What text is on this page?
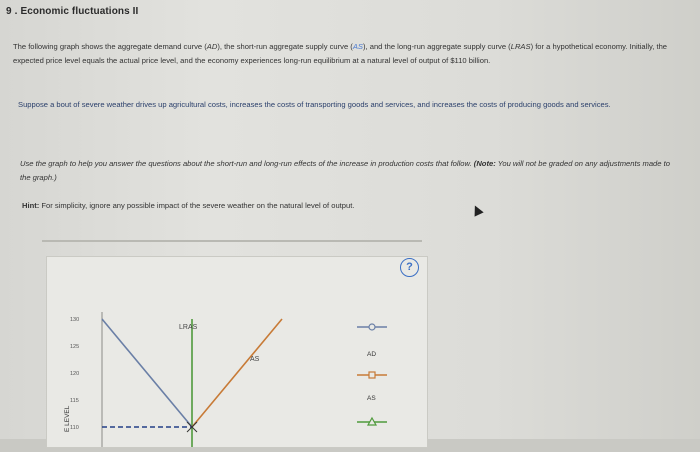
9 . Economic fluctuations II
The following graph shows the aggregate demand curve (AD), the short-run aggregate supply curve (AS), and the long-run aggregate supply curve (LRAS) for a hypothetical economy. Initially, the expected price level equals the actual price level, and the economy experiences long-run equilibrium at a natural level of output of $110 billion.
Suppose a bout of severe weather drives up agricultural costs, increases the costs of transporting goods and services, and increases the costs of producing goods and services.
Use the graph to help you answer the questions about the short-run and long-run effects of the increase in production costs that follow. (Note: You will not be graded on any adjustments made to the graph.)
Hint: For simplicity, ignore any possible impact of the severe weather on the natural level of output.
130
125
120
115
110
E LEVEL
LRAS
AS
AD
AS
?
